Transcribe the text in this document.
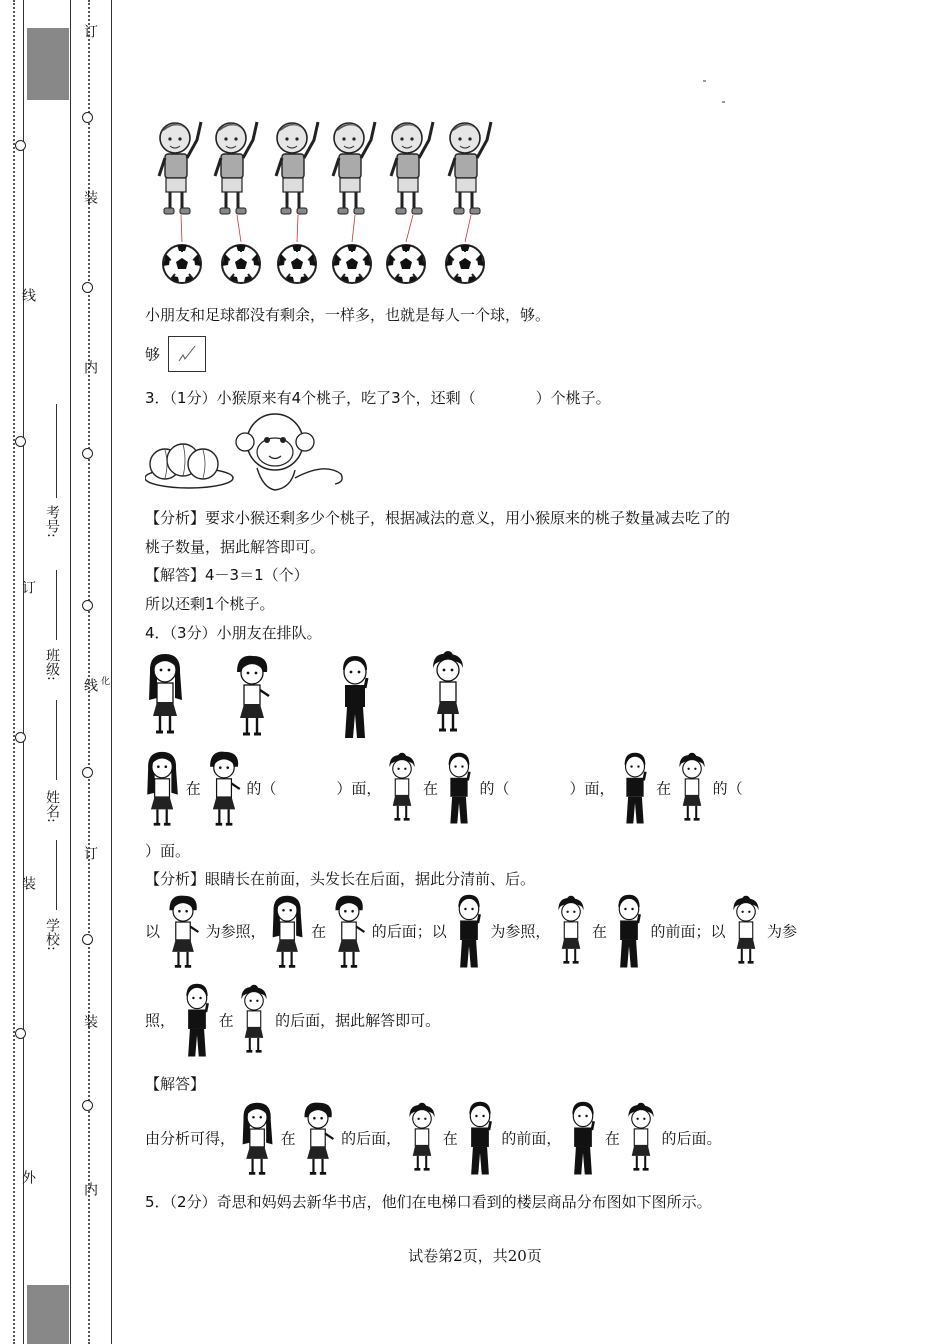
线
订
装
外
订
装
内
线
订
装
内
化
考号:
班级:
姓名:
学校:
小朋友和足球都没有剩余，一样多，也就是每人一个球，够。
够
3．（1分）小猴原来有4个桃子，吃了3个，还剩（　　　　）个桃子。
【分析】要求小猴还剩多少个桃子，根据减法的意义，用小猴原来的桃子数量减去吃了的
桃子数量，据此解答即可。
【解答】4－3＝1（个）
所以还剩1个桃子。
4．（3分）小朋友在排队。
在	的（　　　　）面，	在	的（　　　　）面，	在	的（
）面。
【分析】眼睛长在前面，头发长在后面，据此分清前、后。
以	为参照，	在	的后面；以	为参照，	在	的前面；以	为参
照，	在	的后面，据此解答即可。
【解答】
由分析可得，	在	的后面，	在	的前面，	在	的后面。
5．（2分）奇思和妈妈去新华书店，他们在电梯口看到的楼层商品分布图如下图所示。
试卷第2页，共20页
